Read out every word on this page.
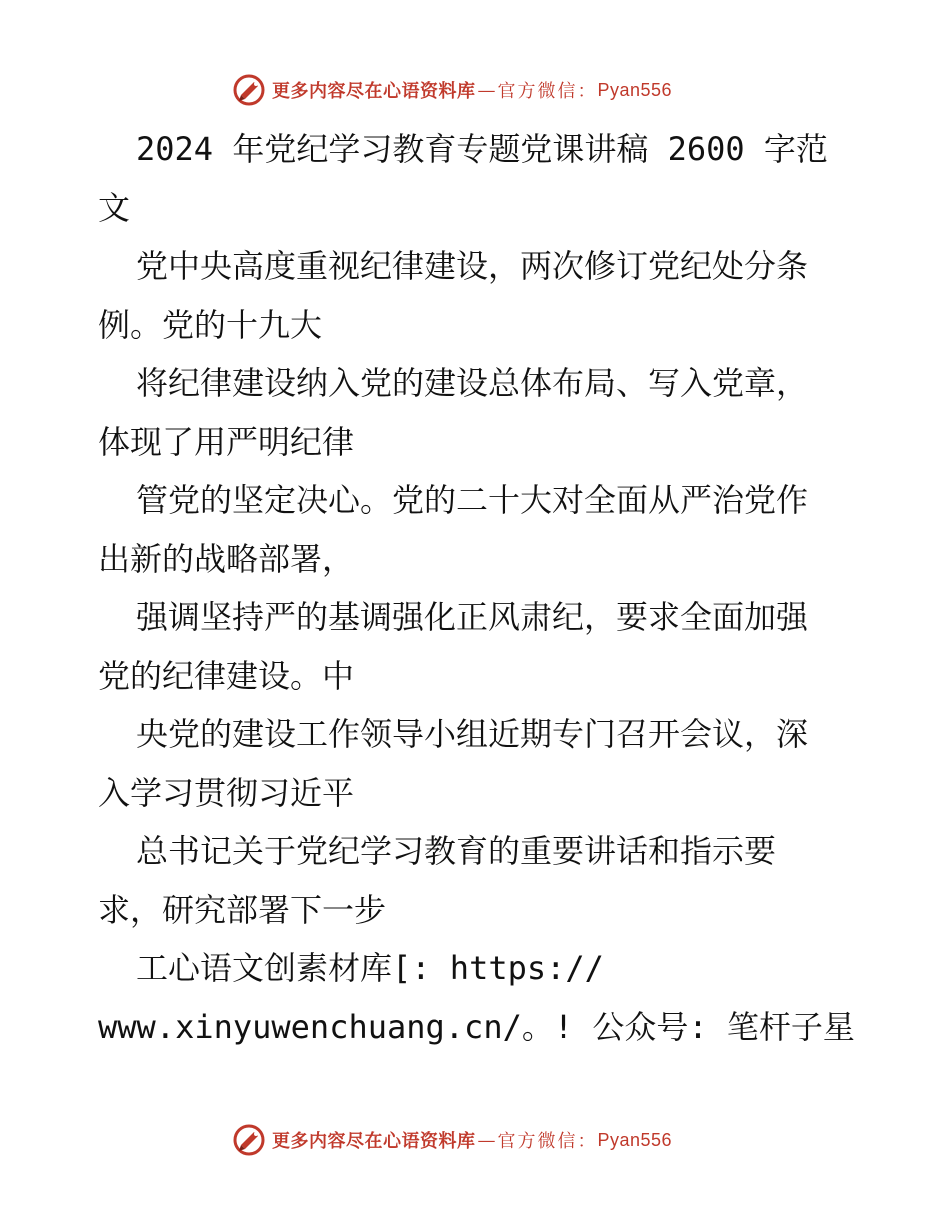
更多内容尽在心语资料库 — 官方微信： Pyan556

2024 年党纪学习教育专题党课讲稿 2600 字范
文

党中央高度重视纪律建设，两次修订党纪处分条
例。党的十九大

将纪律建设纳入党的建设总体布局、写入党章，
体现了用严明纪律

管党的坚定决心。党的二十大对全面从严治党作
出新的战略部署，

强调坚持严的基调强化正风肃纪，要求全面加强
党的纪律建设。中

央党的建设工作领导小组近期专门召开会议，深
入学习贯彻习近平

总书记关于党纪学习教育的重要讲话和指示要
求，研究部署下一步

工心语文创素材库[: https://
www.xinyuwenchuang.cn/。! 公众号: 笔杆子星

更多内容尽在心语资料库 — 官方微信： Pyan556
